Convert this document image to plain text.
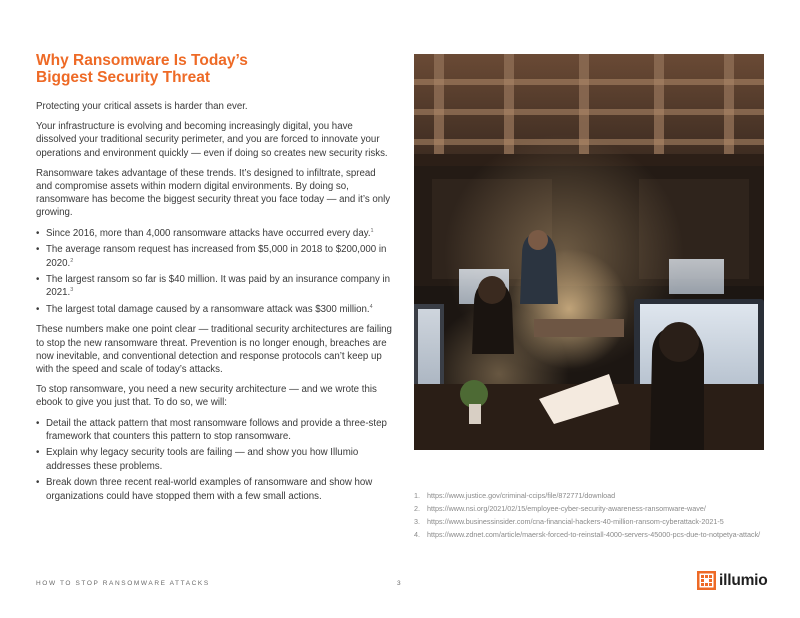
Why Ransomware Is Today’s
Biggest Security Threat

Protecting your critical assets is harder than ever.

Your infrastructure is evolving and becoming increasingly digital, you have dissolved your traditional security perimeter, and you are forced to innovate your operations and environment quickly — even if doing so creates new security risks.

Ransomware takes advantage of these trends. It’s designed to infiltrate, spread and compromise assets within modern digital environments. By doing so, ransomware has become the biggest security threat you face today — and it’s only growing.

• Since 2016, more than 4,000 ransomware attacks have occurred every day.$^1$
• The average ransom request has increased from $5,000 in 2018 to $200,000 in 2020.$^2$
• The largest ransom so far is $40 million. It was paid by an insurance company in 2021.$^3$
• The largest total damage caused by a ransomware attack was $300 million.$^4$

These numbers make one point clear — traditional security architectures are failing to stop the new ransomware threat. Prevention is no longer enough, breaches are now inevitable, and conventional detection and response protocols can’t keep up with the speed and scale of today’s attacks.

To stop ransomware, you need a new security architecture — and we wrote this ebook to give you just that. To do so, we will:

• Detail the attack pattern that most ransomware follows and provide a three-step framework that counters this pattern to stop ransomware.
• Explain why legacy security tools are failing — and show you how Illumio addresses these problems.
• Break down three recent real-world examples of ransomware and show how organizations could have stopped them with a few small actions.	1. https://www.justice.gov/criminal-ccips/file/872771/download
2. https://www.nsi.org/2021/02/15/employee-cyber-security-awareness-ransomware-wave/
3. https://www.businessinsider.com/cna-financial-hackers-40-million-ransom-cyberattack-2021-5
4. https://www.zdnet.com/article/maersk-forced-to-reinstall-4000-servers-45000-pcs-due-to-notpetya-attack/
HOW TO STOP RANSOMWARE ATTACKS	3	illumio
